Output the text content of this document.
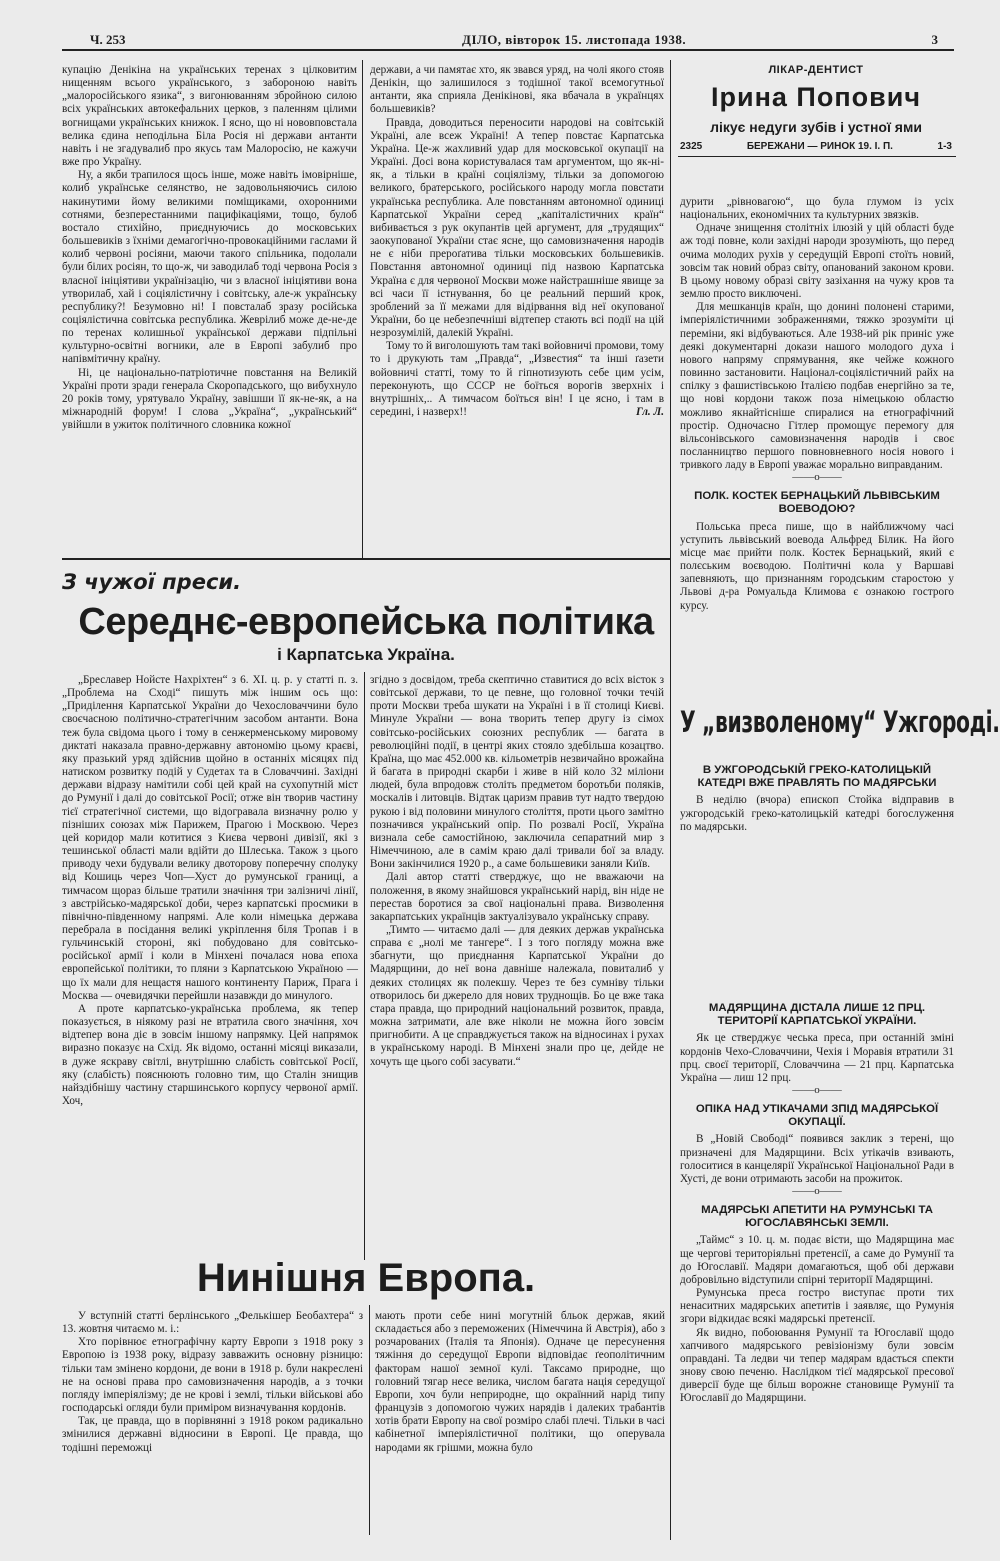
Ч. 253	ДІЛО, вівторок 15. листопада 1938.	3

купацію Денікіна на українських теренах з цілковитим нищенням всього українського, з забороною навіть „малоросійського язика“, з вигонюванням збройною силою всіх українських автокефальних церков, з паленням цілими вогнищами українських книжок. І ясно, що ні нововповстала велика єдина неподільна Біла Росія ні держави антанти навіть і не згадувалиб про якусь там Малоросію, не кажучи вже про Україну.

Ну, а якби трапилося щось інше, може навіть імовірніше, колиб українське селянство, не задовольняючись силою накинутими йому великими поміщиками, охоронними сотнями, безперестанними пацифікаціями, тощо, булоб востало стихійно, приєднуючись до московських большевиків з їхніми демагогічно-провокаційними гаслами й колиб червоні росіяни, маючи такого спільника, подолали були білих росіян, то що-ж, чи заводилаб тоді червона Росія з власної ініціятиви українізацію, чи з власної ініціятиви вона утворилаб, хай і соціялістичну і совітську, але-ж українську республику?! Безумовно ні! І повсталаб зразу російська соціялістична совітська республика. Жеврілиб може де-не-де по теренах колишньої української держави підпільні культурно-освітні вогники, але в Европі забулиб про напівмітичну країну.

Ні, це національно-патріотичне повстання на Великій Україні проти зради генерала Скоропадського, що вибухнуло 20 років тому, урятувало Україну, завішши її як-не-як, а на міжнародній форум! І слова „Україна“, „український“ увійшли в ужиток політичного словника кожної

держави, а чи памятає хто, як звався уряд, на чолі якого стояв Денікін, що залишилося з тодішної такої всемогутньої антанти, яка сприяла Денікінові, яка вбачала в українцях большевиків?

Правда, доводиться переносити народові на совітській Україні, але всеж Україні! А тепер повстає Карпатська Україна. Це-ж жахливий удар для московської окупації на Україні. Досі вона користувалася там аргументом, що як-ні-як, а тільки в країні соціялізму, тільки за допомогою великого, братерського, російського народу могла повстати українська республика. Але повстанням автономної одиниці Карпатської України серед „капіталістичних країн“ вибивається з рук окупантів цей аргумент, для „трудящих“ заокупованої України стає ясне, що самовизначення народів не є ніби прероґатива тільки московських большевиків. Повстання автономної одиниці під назвою Карпатська Україна є для червоної Москви може найстрашніше явище за всі часи її істнування, бо це реальний перший крок, зроблений за її межами для відірвання від неї окупованої України, бо це небезпечніші відтепер стають всі події на цій незрозумілій, далекій Україні.

Тому то й виголошують там такі войовничі промови, тому то і друкують там „Правда“, „Известия“ та інші ґазети войовничі статті, тому то й гіпнотизують себе цим усім, переконують, що СССР не боїться ворогів зверхніх і внутрішніх,.. А тимчасом боїться він! І це ясно, і там в середині, і назверх!!	Гл. Л.

ЛІКАР-ДЕНТИСТ
Ірина Попович
лікує недуги зубів і устної ями
2325	БЕРЕЖАНИ — РИНОК 19. І. П.	1-3

дурити „рівновагою“, що була глумом із усіх національних, економічних та культурних звязків.

Одначе знищення столітніх ілюзій у цій області буде аж тоді повне, коли західні народи зрозуміють, що перед очима молодих рухів у середущій Европі стоїть новий, зовсім так новий образ світу, опанований законом крови. В цьому новому образі світу зазіхання на чужу кров та землю просто виключені.

Для мешканців країн, що донині полонені старими, імперіялістичними зображеннями, тяжко зрозуміти ці переміни, які відбуваються. Але 1938-ий рік приніс уже деякі документарні докази нашого молодого духа і нового напряму спрямування, яке чейже кожного повинно застановити. Націонал-соціялістичний райх на спілку з фашистівською Італією подбав енергійно за те, що нові кордони також поза німецькою областю можливо якнайтісніше спиралися на етнографічний простір. Одночасно Гітлер промощує перемогу для вільсонівського самовизначення народів і своє посланництво першого повновневного носія нового і тривкого ладу в Европі уважає морально виправданим.

——o——

ПОЛК. КОСТЕК БЕРНАЦЬКИЙ ЛЬВІВСЬКИМ ВОЕВОДОЮ?

Польська преса пише, що в найближчому часі уступить львівський воевода Альфред Білик. На його місце має прийти полк. Костек Бернацький, який є полєським воєводою. Політичні кола у Варшаві запевняють, що признанням городським старостою у Львові д-ра Ромуальда Климова є ознакою гострого курсу.

У „визволеному“ Ужгороді.

В УЖГОРОДСЬКІЙ ГРЕКО-КАТОЛИЦЬКІЙ КАТЕДРІ ВЖЕ ПРАВЛЯТЬ ПО МАДЯРСЬКИ

В неділю (вчора) епископ Стойка відправив в ужгородській греко-католицькій катедрі богослуження по мадярськи.

МАДЯРЩИНА ДІСТАЛА ЛИШЕ 12 ПРЦ. ТЕРИТОРІЇ КАРПАТСЬКОЇ УКРАЇНИ.

Як це стверджує чеська преса, при останній зміні кордонів Чехо-Словаччини, Чехія і Моравія втратили 31 прц. своєї території, Словаччина — 21 прц. Карпатська Україна — лиш 12 прц.

——o——

ОПІКА НАД УТІКАЧАМИ ЗПІД МАДЯРСЬКОЇ ОКУПАЦІЇ.

В „Новій Свободі“ появився заклик з терені, що призначені для Мадярщини. Всіх утікачів взивають, голоситися в канцелярії Української Національної Ради в Хусті, де вони отримають засоби на прожиток.

——o——

МАДЯРСЬКІ АПЕТИТИ НА РУМУНСЬКІ ТА ЮГОСЛАВЯНСЬКІ ЗЕМЛІ.

„Таймс“ з 10. ц. м. подає вісти, що Мадярщина має ще чергові територіяльні претенсії, а саме до Румунії та до Югославії. Мадяри домагаються, щоб обі держави добровільно відступили спірні території Мадярщині.

Румунська преса гостро виступає проти тих ненаситних мадярських апетитів і заявляє, що Румунія згори відкидає всякі мадярські претенсії.

Як видно, побоювання Румунії та Югославії щодо хапчивого мадярського ревізіонізму були зовсім оправдані. Та ледви чи тепер мадярам вдасться спекти знову свою печеню. Наслідком тієї мадярської пресової диверсії буде ще більш ворожне становище Румунії та Югославії до Мадярщини.

З чужої преси.
Середнє-европейська політика
і Карпатська Україна.

„Бреславер Нойсте Нахріхтен“ з 6. XI. ц. р. у статті п. з. „Проблема на Сході“ пишуть між іншим ось що: „Приділення Карпатської України до Чехословаччини було своєчасною політично-стратегічним засобом антанти. Вона теж була свідома цього і тому в сенжерменському мировому диктаті наказала правно-державну автономію цьому краєві, яку празький уряд здійснив щойно в останніх місяцях під натиском розвитку подій у Судетах та в Словаччині. Західні держави відразу намітили собі цей край на сухопутній міст до Румунії і далі до совітської Росії; отже він творив частину тієї стратегічної системи, що відогравала визначну ролю у пізніших союзах між Парижем, Прагою і Москвою. Через цей коридор мали котитися з Києва червоні дивізії, які з тешинської області мали вдійти до Шлеська. Також з цього приводу чехи будували велику двоторову поперечну сполуку від Кошиць через Чоп—Хуст до румунської границі, а тимчасом щораз більше тратили значіння три залізничі лінії, з австрійсько-мадярської доби, через карпатські просмики в північно-південному напрямі. Але коли німецька держава перебрала в посідання великі укріплення біля Тропав і в гульчинській стороні, які побудовано для совітсько-російської армії і коли в Мінхені почалася нова епоха европейської політики, то пляни з Карпатською Україною — що їх мали для нещастя нашого континенту Париж, Прага і Москва — очевидячки перейшли назавжди до минулого.

А проте карпатсько-українська проблема, як тепер показується, в ніякому разі не втратила свого значіння, хоч відтепер вона діє в зовсім іншому напрямку. Цей напрямок виразно показує на Схід. Як відомо, останні місяці виказали, в дуже яскраву світлі, внутрішню слабість совітської Росії, яку (слабість) пояснюють головно тим, що Сталін знищив найздібнішу частину старшинського корпусу червоної армії. Хоч,

згідно з досвідом, треба скептично ставитися до всіх вісток з совітської держави, то це певне, що головної точки течій проти Москви треба шукати на Україні і в її столиці Києві. Минуле України — вона творить тепер другу із сімох совітсько-російських союзних республик — багата в революційні події, в центрі яких стояло здебільша козацтво. Країна, що має 452.000 кв. кільометрів незвичайно врожайна й багата в природні скарби і живе в ній коло 32 міліони людей, була впродовж століть предметом боротьби поляків, москалів і литовців. Відтак царизм правив тут надто твердою рукою і від половини минулого століття, проти цього замітно позначився український опір. По розвалі Росії, Україна визнала себе самостійною, заключила сепаратний мир з Німеччиною, але в самім краю далі тривали бої за владу. Вони закінчилися 1920 р., а саме большевики заняли Київ.

Далі автор статті стверджує, що не вважаючи на положення, в якому знайшовся український нарід, він ніде не перестав боротися за свої національні права. Визволення закарпатських українців зактуалізувало українську справу.

„Тимто — читаємо далі — для деяких держав українська справа є „нолі ме тангере“. І з того погляду можна вже збагнути, що приєднання Карпатської України до Мадярщини, до неї вона давніше належала, повиталиб у деяких столицях як полекшу. Через те без сумніву тільки отворилось би джерело для нових труднощів. Бо це вже така стара правда, що природний національний розвиток, правда, можна затримати, але вже ніколи не можна його зовсім пригнобити. А це справджується також на відносинах і рухах в українському народі. В Мінхені знали про це, дейде не хочуть ще цього собі засувати.“

Нинішня Европа.

У вступній статті берлінського „Фелькішер Беобахтера“ з 13. жовтня читаємо м. і.:

Хто порівнює етнографічну карту Европи з 1918 року з Европою із 1938 року, відразу завважить основну різницю: тільки там змінено кордони, де вони в 1918 р. були накреслені не на основі права про самовизначення народів, а з точки погляду імперіялізму; де не крові і землі, тільки військові або господарські огляди були приміром визначування кордонів.

Так, це правда, що в порівнянні з 1918 роком радикально змінилися державні відносини в Европі. Це правда, що тодішні переможці

мають проти себе нині могутній бльок держав, який складається або з переможених (Німеччина й Австрія), або з розчарованих (Італія та Японія). Одначе це пересунення тяжіння до середущої Европи відповідає ґеополітичним факторам нашої земної кулі. Таксамо природне, що головний тягар несе велика, числом багата нація середущої Европи, хоч були неприродне, що окраїнний нарід типу французів з допомогою чужих нарядів і далеких трабантів хотів брати Европу на свої розміро слабі плечі. Тільки в часі кабінетної імперіялістичної політики, що оперувала народами як грішми, можна було
